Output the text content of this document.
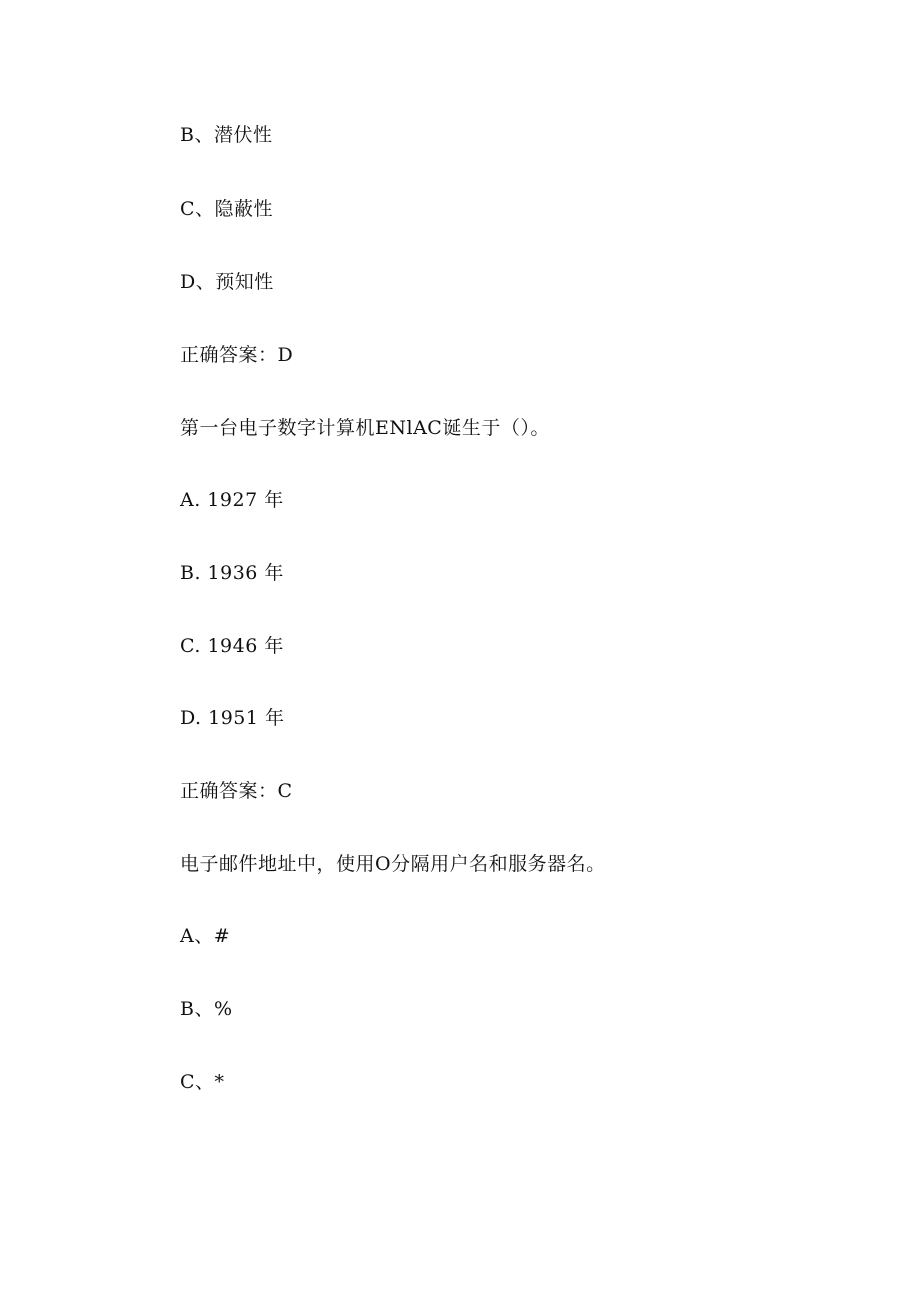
B、潜伏性
C、隐蔽性
D、预知性
正确答案：D
第一台电子数字计算机ENlAC诞生于（）。
A. 1927 年
B. 1936 年
C. 1946 年
D. 1951 年
正确答案：C
电子邮件地址中，使用O分隔用户名和服务器名。
A、#
B、%
C、*
